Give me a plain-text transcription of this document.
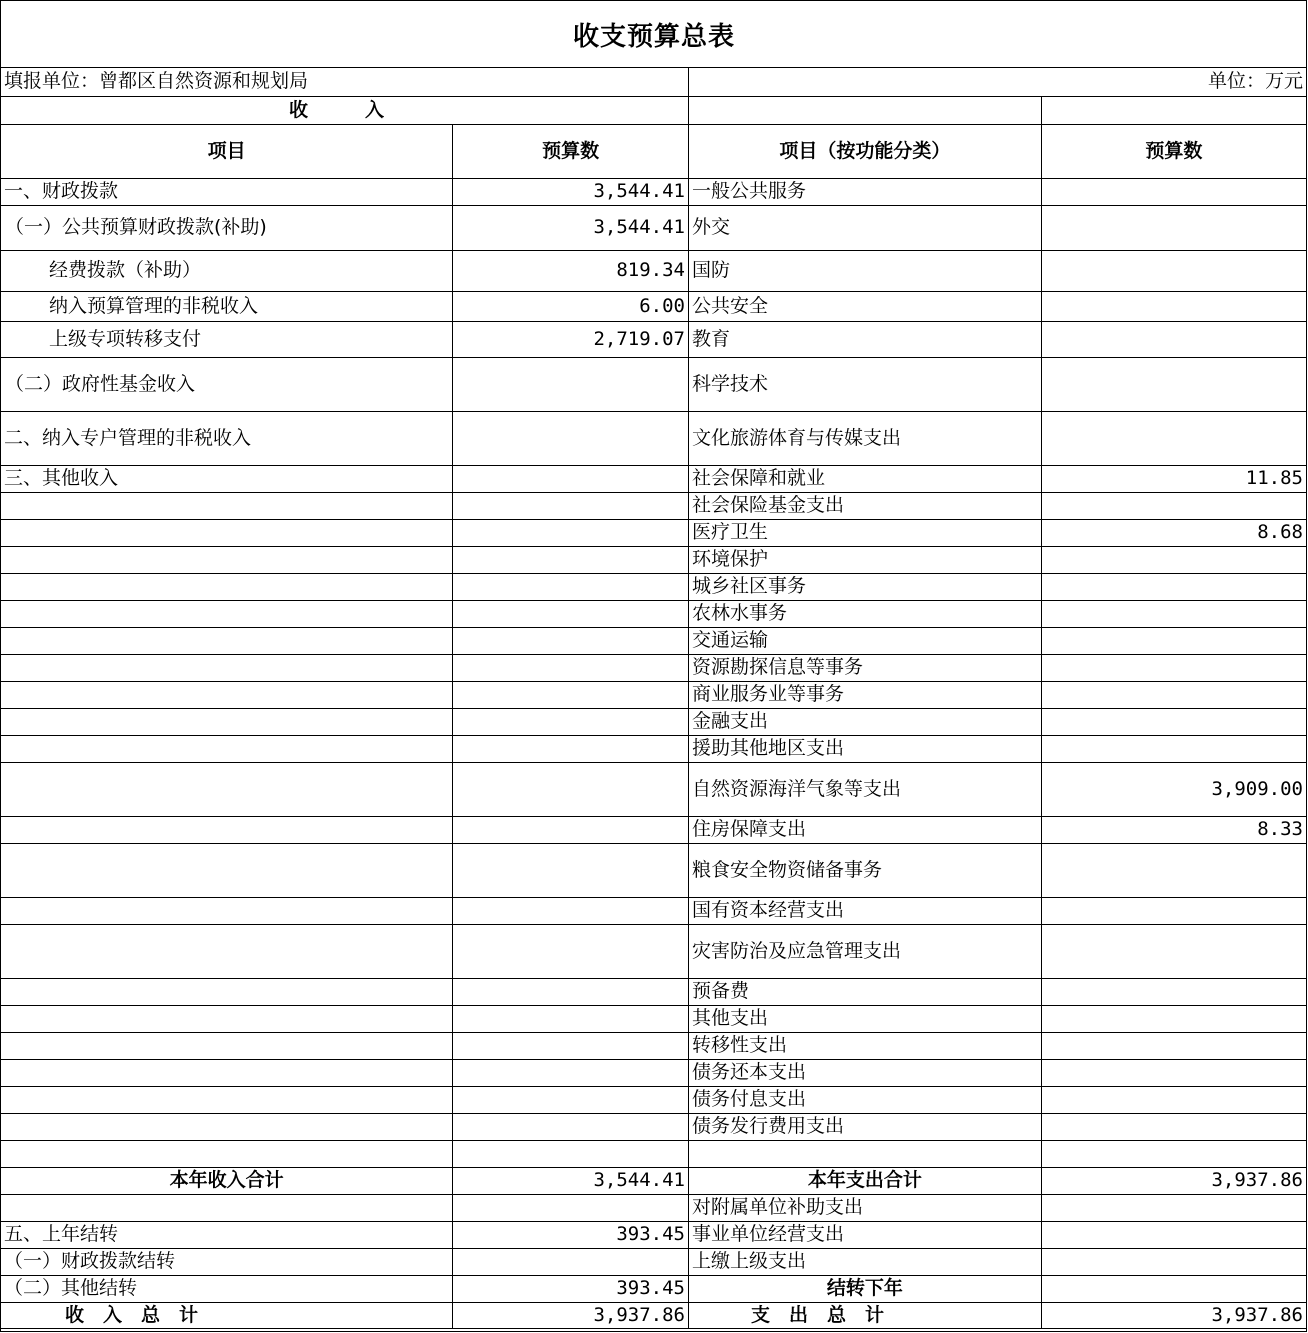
收支预算总表
填报单位：曾都区自然资源和规划局		单位：万元	
收　　　入			
项目	预算数	项目（按功能分类）	预算数
一、财政拨款	3,544.41	一般公共服务	
（一）公共预算财政拨款(补助)	3,544.41	外交	
经费拨款（补助）	819.34	国防	
纳入预算管理的非税收入	6.00	公共安全	
上级专项转移支付	2,719.07	教育	
（二）政府性基金收入		科学技术	
二、纳入专户管理的非税收入		文化旅游体育与传媒支出	
三、其他收入		社会保障和就业	11.85
		社会保险基金支出	
		医疗卫生	8.68
		环境保护	
		城乡社区事务	
		农林水事务	
		交通运输	
		资源勘探信息等事务	
		商业服务业等事务	
		金融支出	
		援助其他地区支出	
		自然资源海洋气象等支出	3,909.00
		住房保障支出	8.33
		粮食安全物资储备事务	
		国有资本经营支出	
		灾害防治及应急管理支出	
		预备费	
		其他支出	
		转移性支出	
		债务还本支出	
		债务付息支出	
		债务发行费用支出	

本年收入合计	3,544.41	本年支出合计	3,937.86
		对附属单位补助支出	
五、上年结转	393.45	事业单位经营支出	
（一）财政拨款结转		上缴上级支出	
（二）其他结转	393.45	结转下年	
收　入　总　计	3,937.86	支　出　总　计	3,937.86
